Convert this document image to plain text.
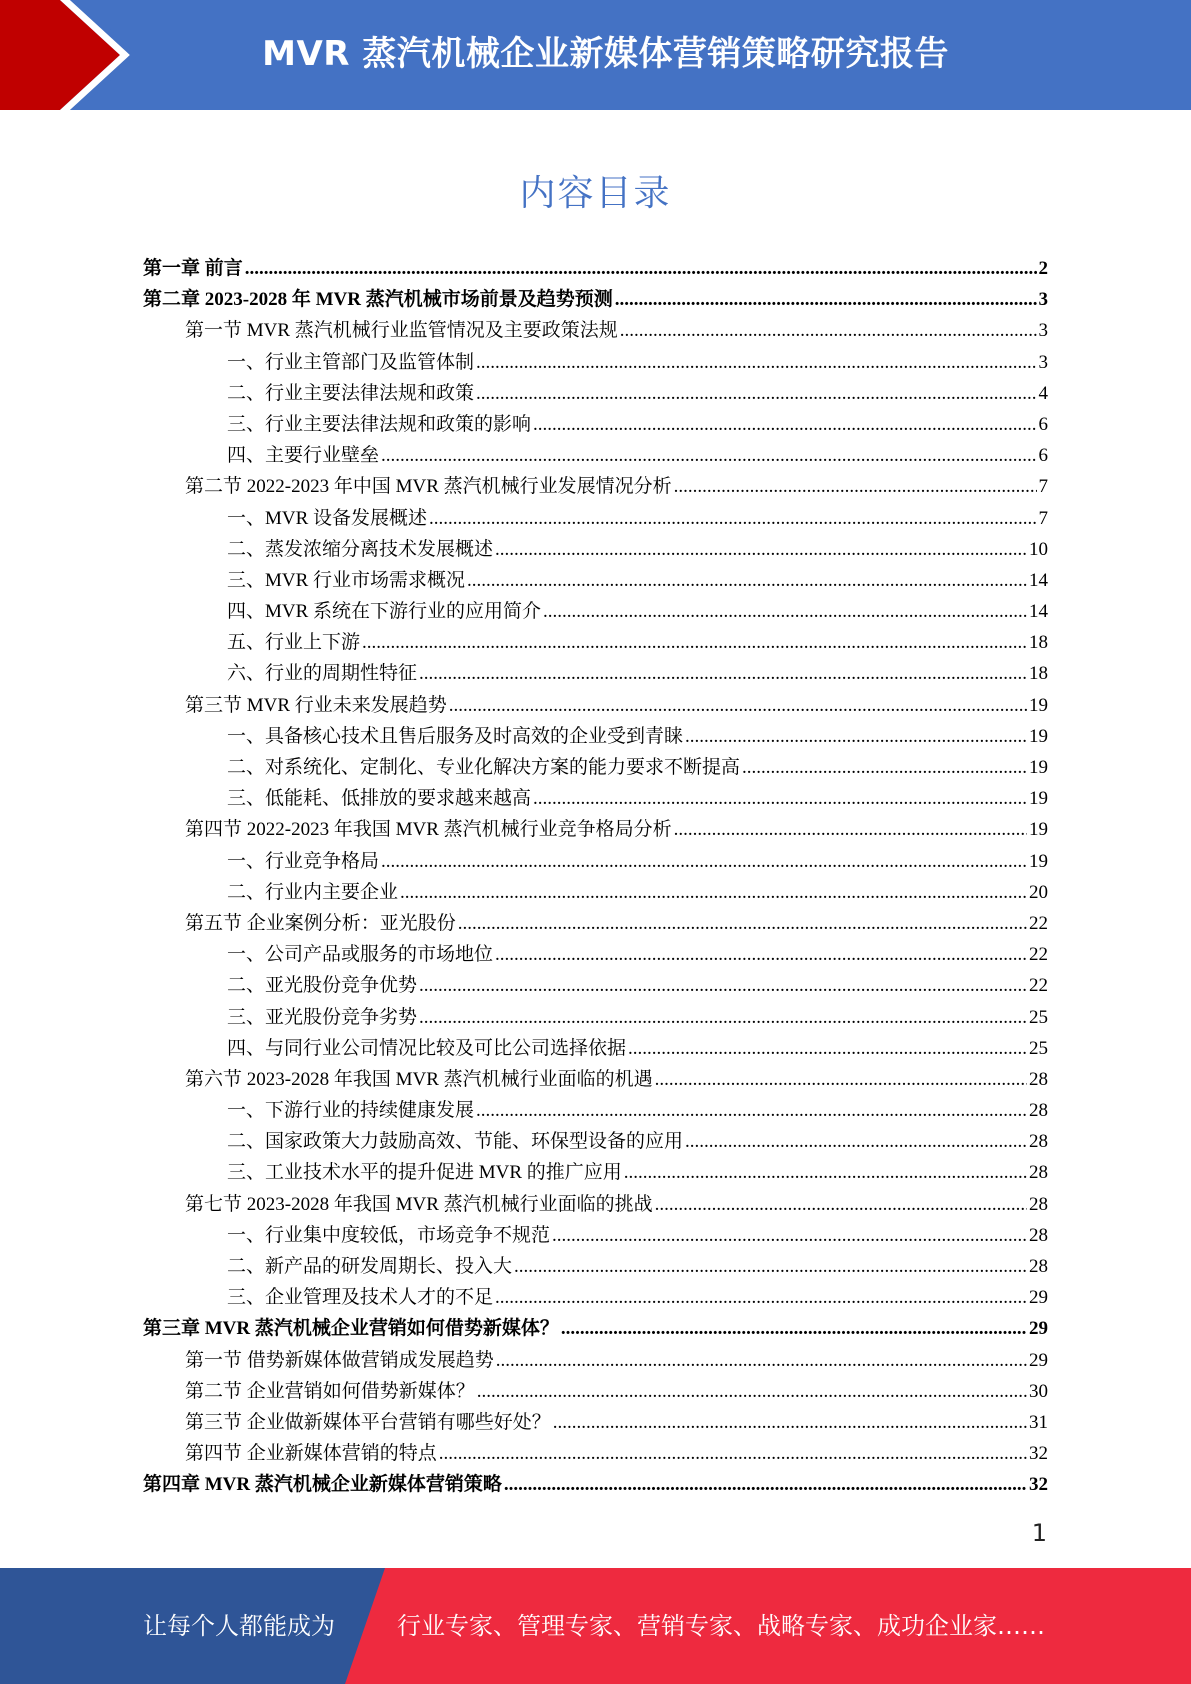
MVR 蒸汽机械企业新媒体营销策略研究报告
内容目录
第一章 前言 .....	2
第二章 2023-2028 年 MVR 蒸汽机械市场前景及趋势预测 .....	3
第一节 MVR 蒸汽机械行业监管情况及主要政策法规 .....	3
一、行业主管部门及监管体制 .....	3
二、行业主要法律法规和政策 .....	4
三、行业主要法律法规和政策的影响 .....	6
四、主要行业壁垒 .....	6
第二节 2022-2023 年中国 MVR 蒸汽机械行业发展情况分析 .....	7
一、MVR 设备发展概述 .....	7
二、蒸发浓缩分离技术发展概述 .....	10
三、MVR 行业市场需求概况 .....	14
四、MVR 系统在下游行业的应用简介 .....	14
五、行业上下游 .....	18
六、行业的周期性特征 .....	18
第三节 MVR 行业未来发展趋势 .....	19
一、具备核心技术且售后服务及时高效的企业受到青睐 .....	19
二、对系统化、定制化、专业化解决方案的能力要求不断提高 .....	19
三、低能耗、低排放的要求越来越高 .....	19
第四节 2022-2023 年我国 MVR 蒸汽机械行业竞争格局分析 .....	19
一、行业竞争格局 .....	19
二、行业内主要企业 .....	20
第五节 企业案例分析：亚光股份 .....	22
一、公司产品或服务的市场地位 .....	22
二、亚光股份竞争优势 .....	22
三、亚光股份竞争劣势 .....	25
四、与同行业公司情况比较及可比公司选择依据 .....	25
第六节 2023-2028 年我国 MVR 蒸汽机械行业面临的机遇 .....	28
一、下游行业的持续健康发展 .....	28
二、国家政策大力鼓励高效、节能、环保型设备的应用 .....	28
三、工业技术水平的提升促进 MVR 的推广应用 .....	28
第七节 2023-2028 年我国 MVR 蒸汽机械行业面临的挑战 .....	28
一、行业集中度较低，市场竞争不规范 .....	28
二、新产品的研发周期长、投入大 .....	28
三、企业管理及技术人才的不足 .....	29
第三章 MVR 蒸汽机械企业营销如何借势新媒体？ .....	29
第一节 借势新媒体做营销成发展趋势 .....	29
第二节 企业营销如何借势新媒体？ .....	30
第三节 企业做新媒体平台营销有哪些好处？ .....	31
第四节 企业新媒体营销的特点 .....	32
第四章 MVR 蒸汽机械企业新媒体营销策略 .....	32
1
让每个人都能成为	行业专家、管理专家、营销专家、战略专家、成功企业家……
